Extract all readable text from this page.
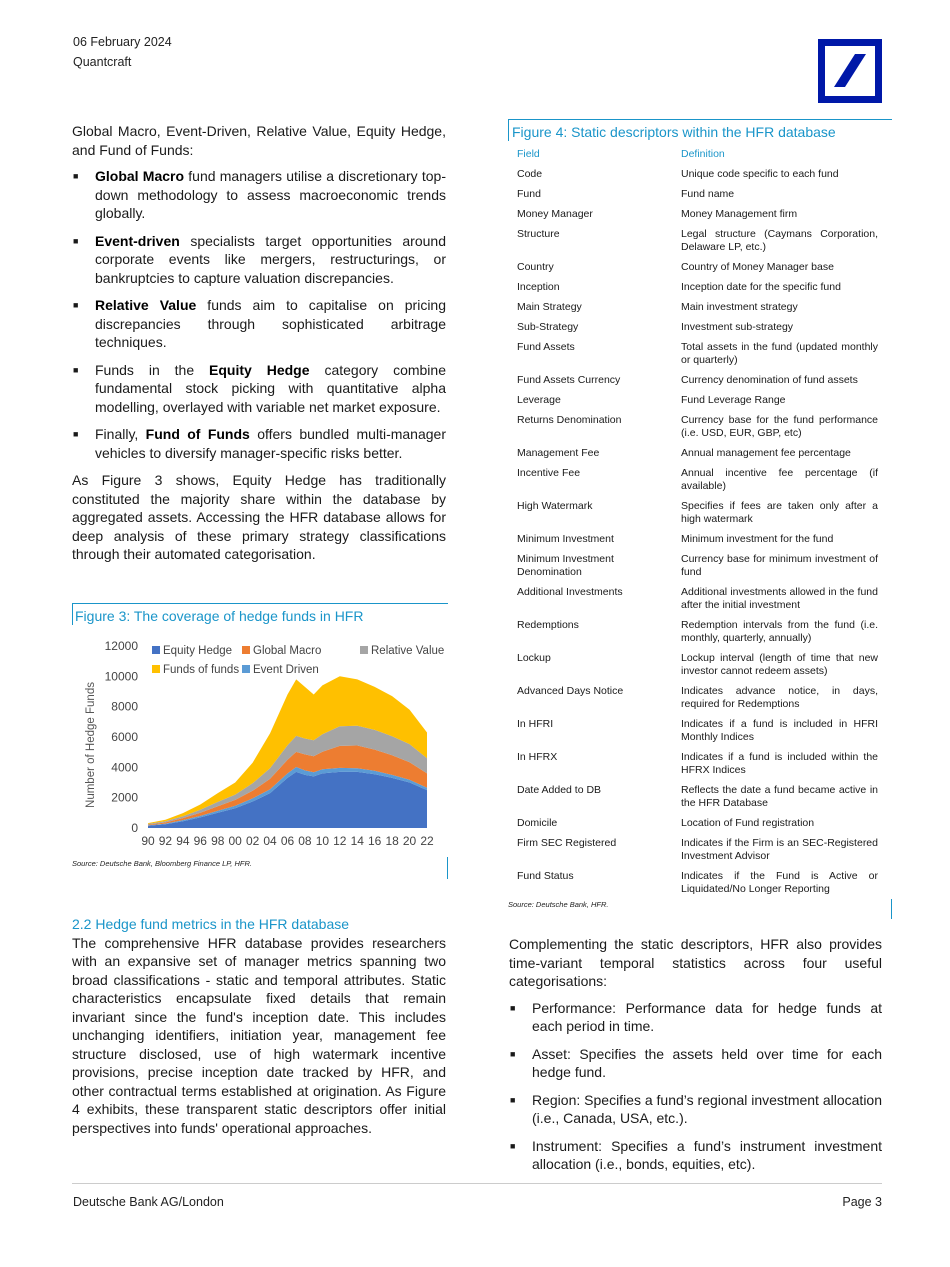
06 February 2024
Quantcraft

Global Macro, Event-Driven, Relative Value, Equity Hedge, and Fund of Funds:

■ Global Macro fund managers utilise a discretionary top-down methodology to assess macroeconomic trends globally.
■ Event-driven specialists target opportunities around corporate events like mergers, restructurings, or bankruptcies to capture valuation discrepancies.
■ Relative Value funds aim to capitalise on pricing discrepancies through sophisticated arbitrage techniques.
■ Funds in the Equity Hedge category combine fundamental stock picking with quantitative alpha modelling, overlayed with variable net market exposure.
■ Finally, Fund of Funds offers bundled multi-manager vehicles to diversify manager-specific risks better.

As Figure 3 shows, Equity Hedge has traditionally constituted the majority share within the database by aggregated assets. Accessing the HFR database allows for deep analysis of these primary strategy classifications through their automated categorisation.

Figure 3: The coverage of hedge funds in HFR
0
2000
4000
6000
8000
10000
12000
90 92 94 96 98 00 02 04 06 08 10 12 14 16 18 20 22
Number of Hedge Funds
Equity Hedge Global Macro	Relative Value
Funds of funds Event Driven
Source: Deutsche Bank, Bloomberg Finance LP, HFR.
2.2 Hedge fund metrics in the HFR database

The comprehensive HFR database provides researchers with an expansive set of manager metrics spanning two broad classifications - static and temporal attributes. Static characteristics encapsulate fixed details that remain invariant since the fund's inception date. This includes unchanging identifiers, initiation year, management fee structure disclosed, use of high watermark incentive provisions, precise inception date tracked by HFR, and other contractual terms established at origination. As Figure 4 exhibits, these transparent static descriptors offer initial perspectives into funds' operational approaches.

Figure 4: Static descriptors within the HFR database
Field	Definition
Code	Unique code specific to each fund
Fund	Fund name
Money Manager	Money Management firm
Structure	Legal structure (Caymans Corporation, Delaware LP, etc.)
Country	Country of Money Manager base
Inception	Inception date for the specific fund
Main Strategy	Main investment strategy
Sub-Strategy	Investment sub-strategy
Fund Assets	Total assets in the fund (updated monthly or quarterly)
Fund Assets Currency	Currency denomination of fund assets
Leverage	Fund Leverage Range
Returns Denomination	Currency base for the fund performance (i.e. USD, EUR, GBP, etc)
Management Fee	Annual management fee percentage
Incentive Fee	Annual incentive fee percentage (if available)
High Watermark	Specifies if fees are taken only after a high watermark
Minimum Investment	Minimum investment for the fund
Minimum Investment Denomination	Currency base for minimum investment of fund
Additional Investments	Additional investments allowed in the fund after the initial investment
Redemptions	Redemption intervals from the fund (i.e. monthly, quarterly, annually)
Lockup	Lockup interval (length of time that new investor cannot redeem assets)
Advanced Days Notice	Indicates advance notice, in days, required for Redemptions
In HFRI	Indicates if a fund is included in HFRI Monthly Indices
In HFRX	Indicates if a fund is included within the HFRX Indices
Date Added to DB	Reflects the date a fund became active in the HFR Database
Domicile	Location of Fund registration
Firm SEC Registered	Indicates if the Firm is an SEC-Registered Investment Advisor
Fund Status	Indicates if the Fund is Active or Liquidated/No Longer Reporting
Source: Deutsche Bank, HFR.

Complementing the static descriptors, HFR also provides time-variant temporal statistics across four useful categorisations:

■ Performance: Performance data for hedge funds at each period in time.
■ Asset: Specifies the assets held over time for each hedge fund.
■ Region: Specifies a fund’s regional investment allocation (i.e., Canada, USA, etc.).
■ Instrument: Specifies a fund’s instrument investment allocation (i.e., bonds, equities, etc).
Deutsche Bank AG/London	Page 3
